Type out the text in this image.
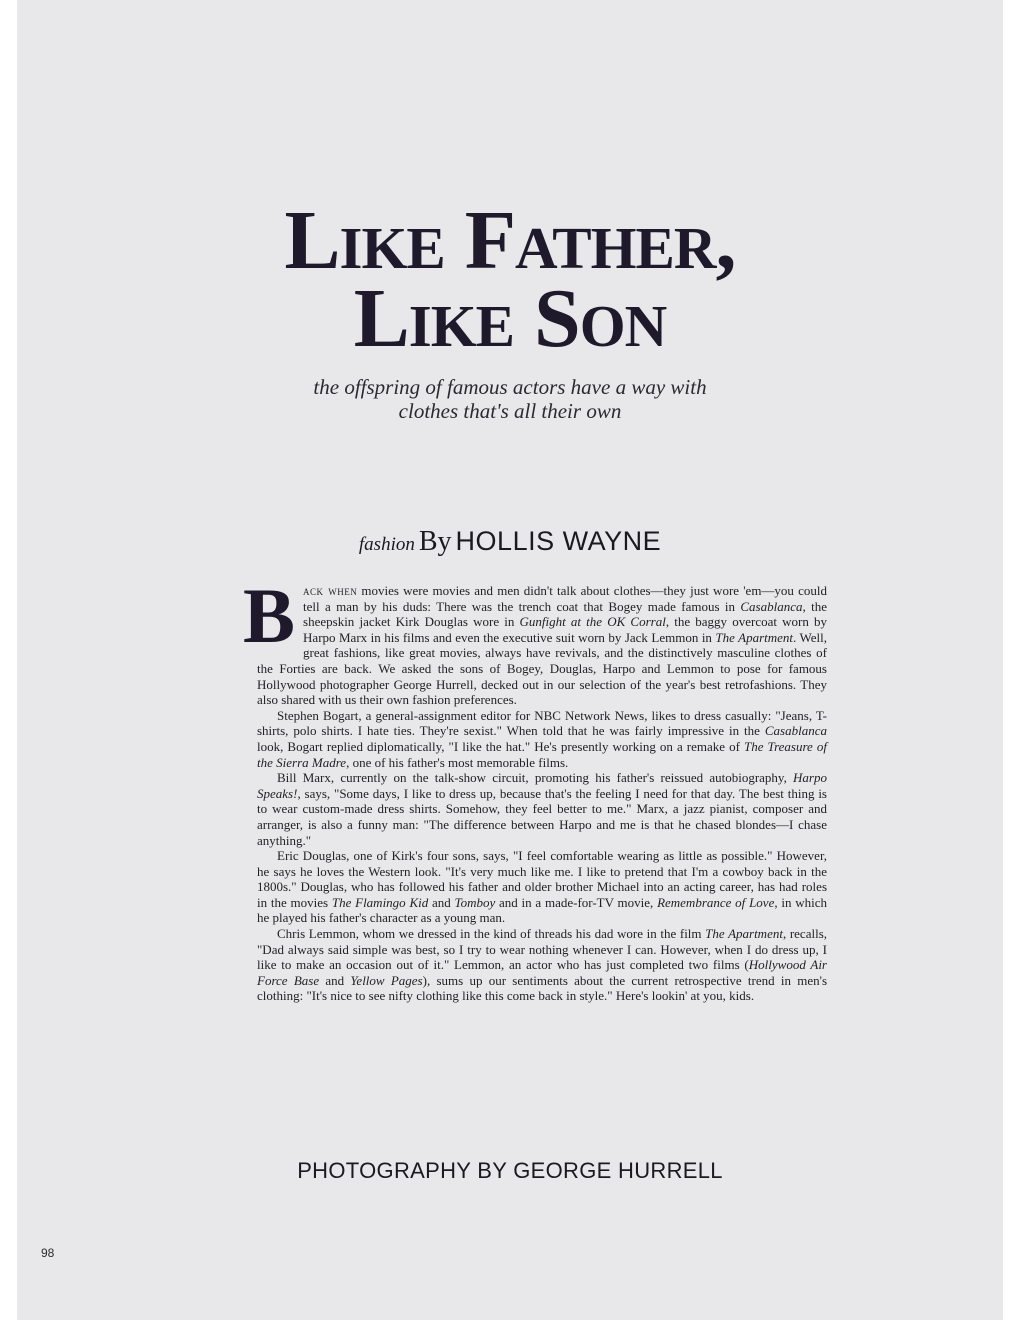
Like Father,
Like Son
the offspring of famous actors have a way with
clothes that's all their own
fashion By HOLLIS WAYNE

Back when movies were movies and men didn't talk about clothes—they just wore 'em—you could tell a man by his duds: There was the trench coat that Bogey made famous in Casablanca, the sheepskin jacket Kirk Douglas wore in Gunfight at the OK Corral, the baggy overcoat worn by Harpo Marx in his films and even the executive suit worn by Jack Lemmon in The Apartment. Well, great fashions, like great movies, always have revivals, and the distinctively masculine clothes of the Forties are back. We asked the sons of Bogey, Douglas, Harpo and Lemmon to pose for famous Hollywood photographer George Hurrell, decked out in our selection of the year's best retrofashions. They also shared with us their own fashion preferences.

Stephen Bogart, a general-assignment editor for NBC Network News, likes to dress casually: "Jeans, T-shirts, polo shirts. I hate ties. They're sexist." When told that he was fairly impressive in the Casablanca look, Bogart replied diplomatically, "I like the hat." He's presently working on a remake of The Treasure of the Sierra Madre, one of his father's most memorable films.

Bill Marx, currently on the talk-show circuit, promoting his father's reissued autobiography, Harpo Speaks!, says, "Some days, I like to dress up, because that's the feeling I need for that day. The best thing is to wear custom-made dress shirts. Somehow, they feel better to me." Marx, a jazz pianist, composer and arranger, is also a funny man: "The difference between Harpo and me is that he chased blondes—I chase anything."

Eric Douglas, one of Kirk's four sons, says, "I feel comfortable wearing as little as possible." However, he says he loves the Western look. "It's very much like me. I like to pretend that I'm a cowboy back in the 1800s." Douglas, who has followed his father and older brother Michael into an acting career, has had roles in the movies The Flamingo Kid and Tomboy and in a made-for-TV movie, Remembrance of Love, in which he played his father's character as a young man.

Chris Lemmon, whom we dressed in the kind of threads his dad wore in the film The Apartment, recalls, "Dad always said simple was best, so I try to wear nothing whenever I can. However, when I do dress up, I like to make an occasion out of it." Lemmon, an actor who has just completed two films (Hollywood Air Force Base and Yellow Pages), sums up our sentiments about the current retrospective trend in men's clothing: "It's nice to see nifty clothing like this come back in style." Here's lookin' at you, kids.

PHOTOGRAPHY BY GEORGE HURRELL
98
